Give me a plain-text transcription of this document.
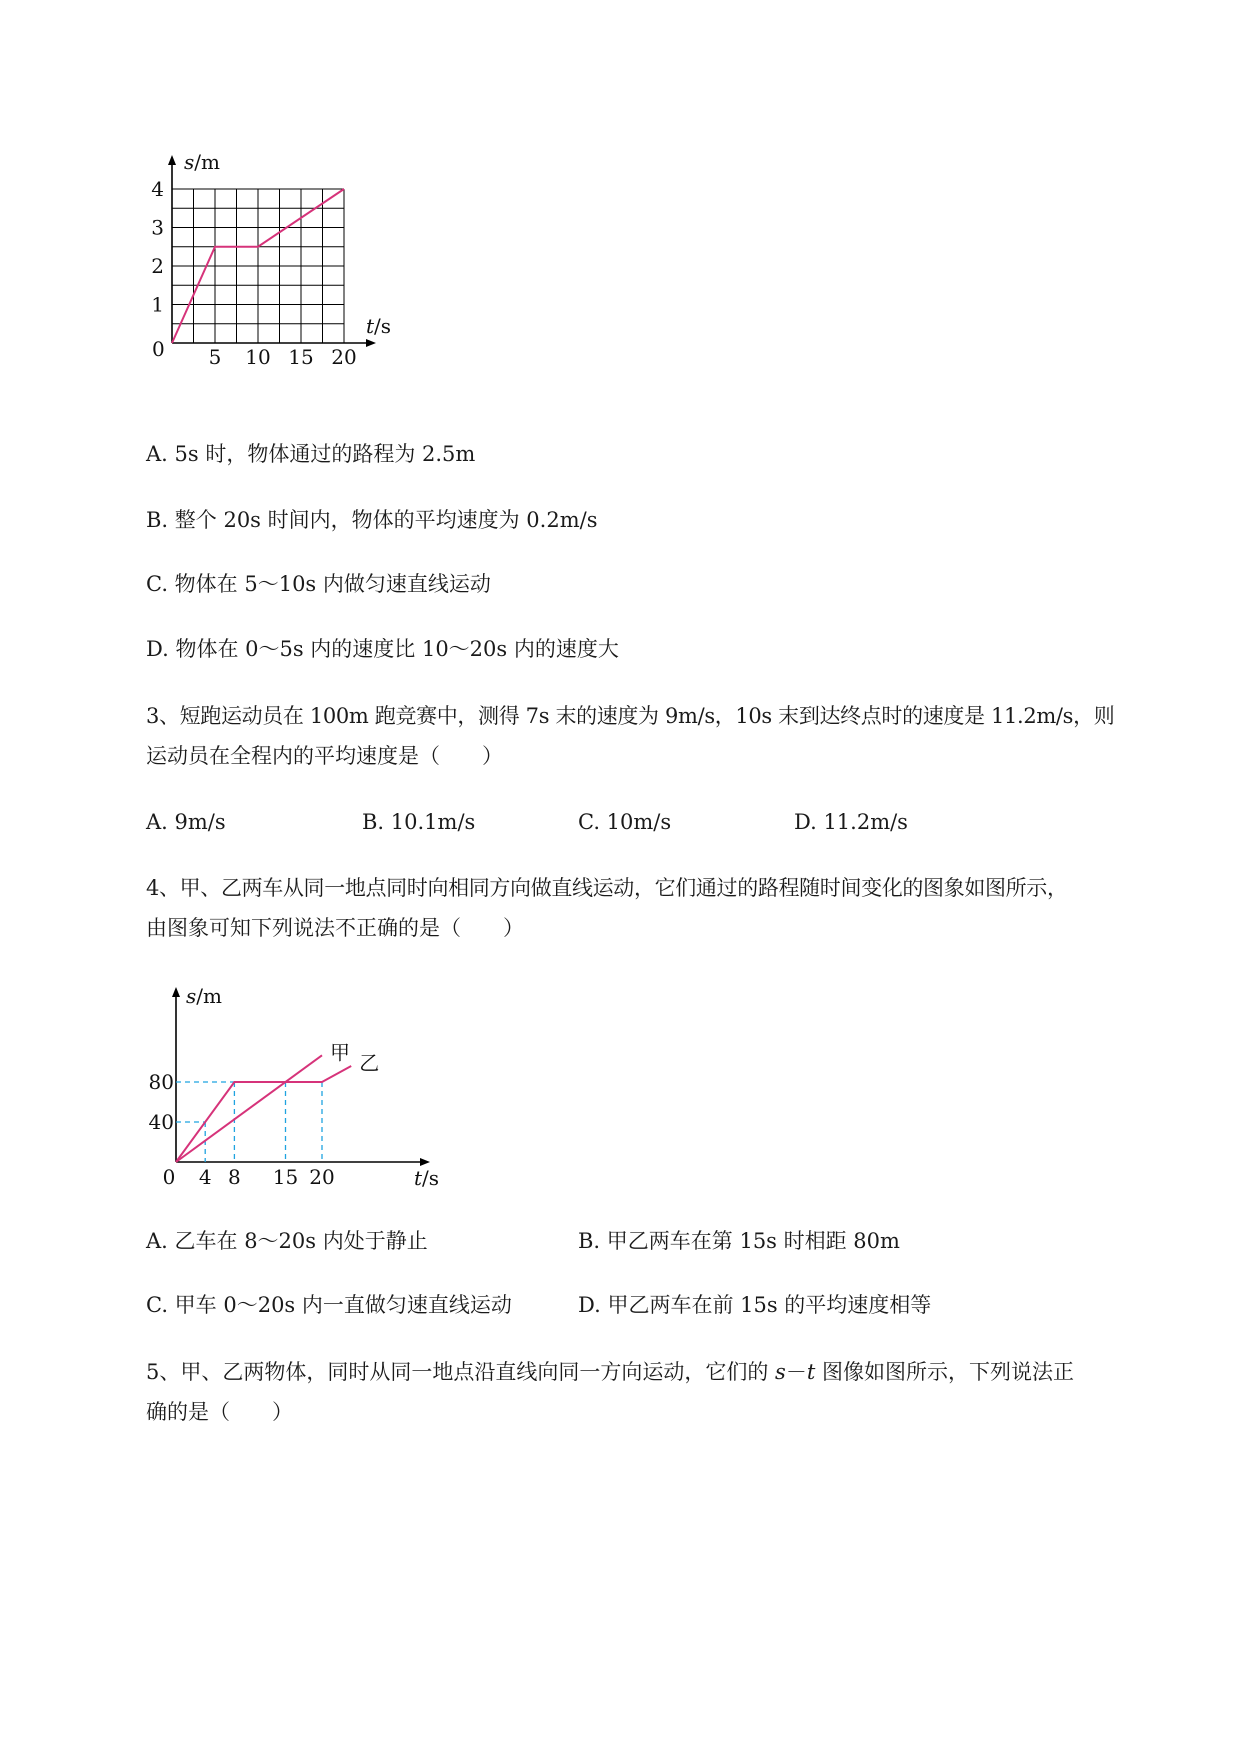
s/m
t/s
0
1
2
3
4
5 10 15 20
A. 5s 时，物体通过的路程为 2.5m
B. 整个 20s 时间内，物体的平均速度为 0.2m/s
C. 物体在 5～10s 内做匀速直线运动
D. 物体在 0～5s 内的速度比 10～20s 内的速度大
3、短跑运动员在 100m 跑竞赛中，测得 7s 末的速度为 9m/s，10s 末到达终点时的速度是 11.2m/s，则
运动员在全程内的平均速度是（　　）
A. 9m/s	B. 10.1m/s	C. 10m/s	D. 11.2m/s
4、甲、乙两车从同一地点同时向相同方向做直线运动，它们通过的路程随时间变化的图象如图所示，
由图象可知下列说法不正确的是（　　）
s/m
t/s
0
40
80
4 8 15 20
甲 乙
A. 乙车在 8～20s 内处于静止	B. 甲乙两车在第 15s 时相距 80m
C. 甲车 0～20s 内一直做匀速直线运动	D. 甲乙两车在前 15s 的平均速度相等
5、甲、乙两物体，同时从同一地点沿直线向同一方向运动，它们的 s－t 图像如图所示，下列说法正
确的是（　　）
